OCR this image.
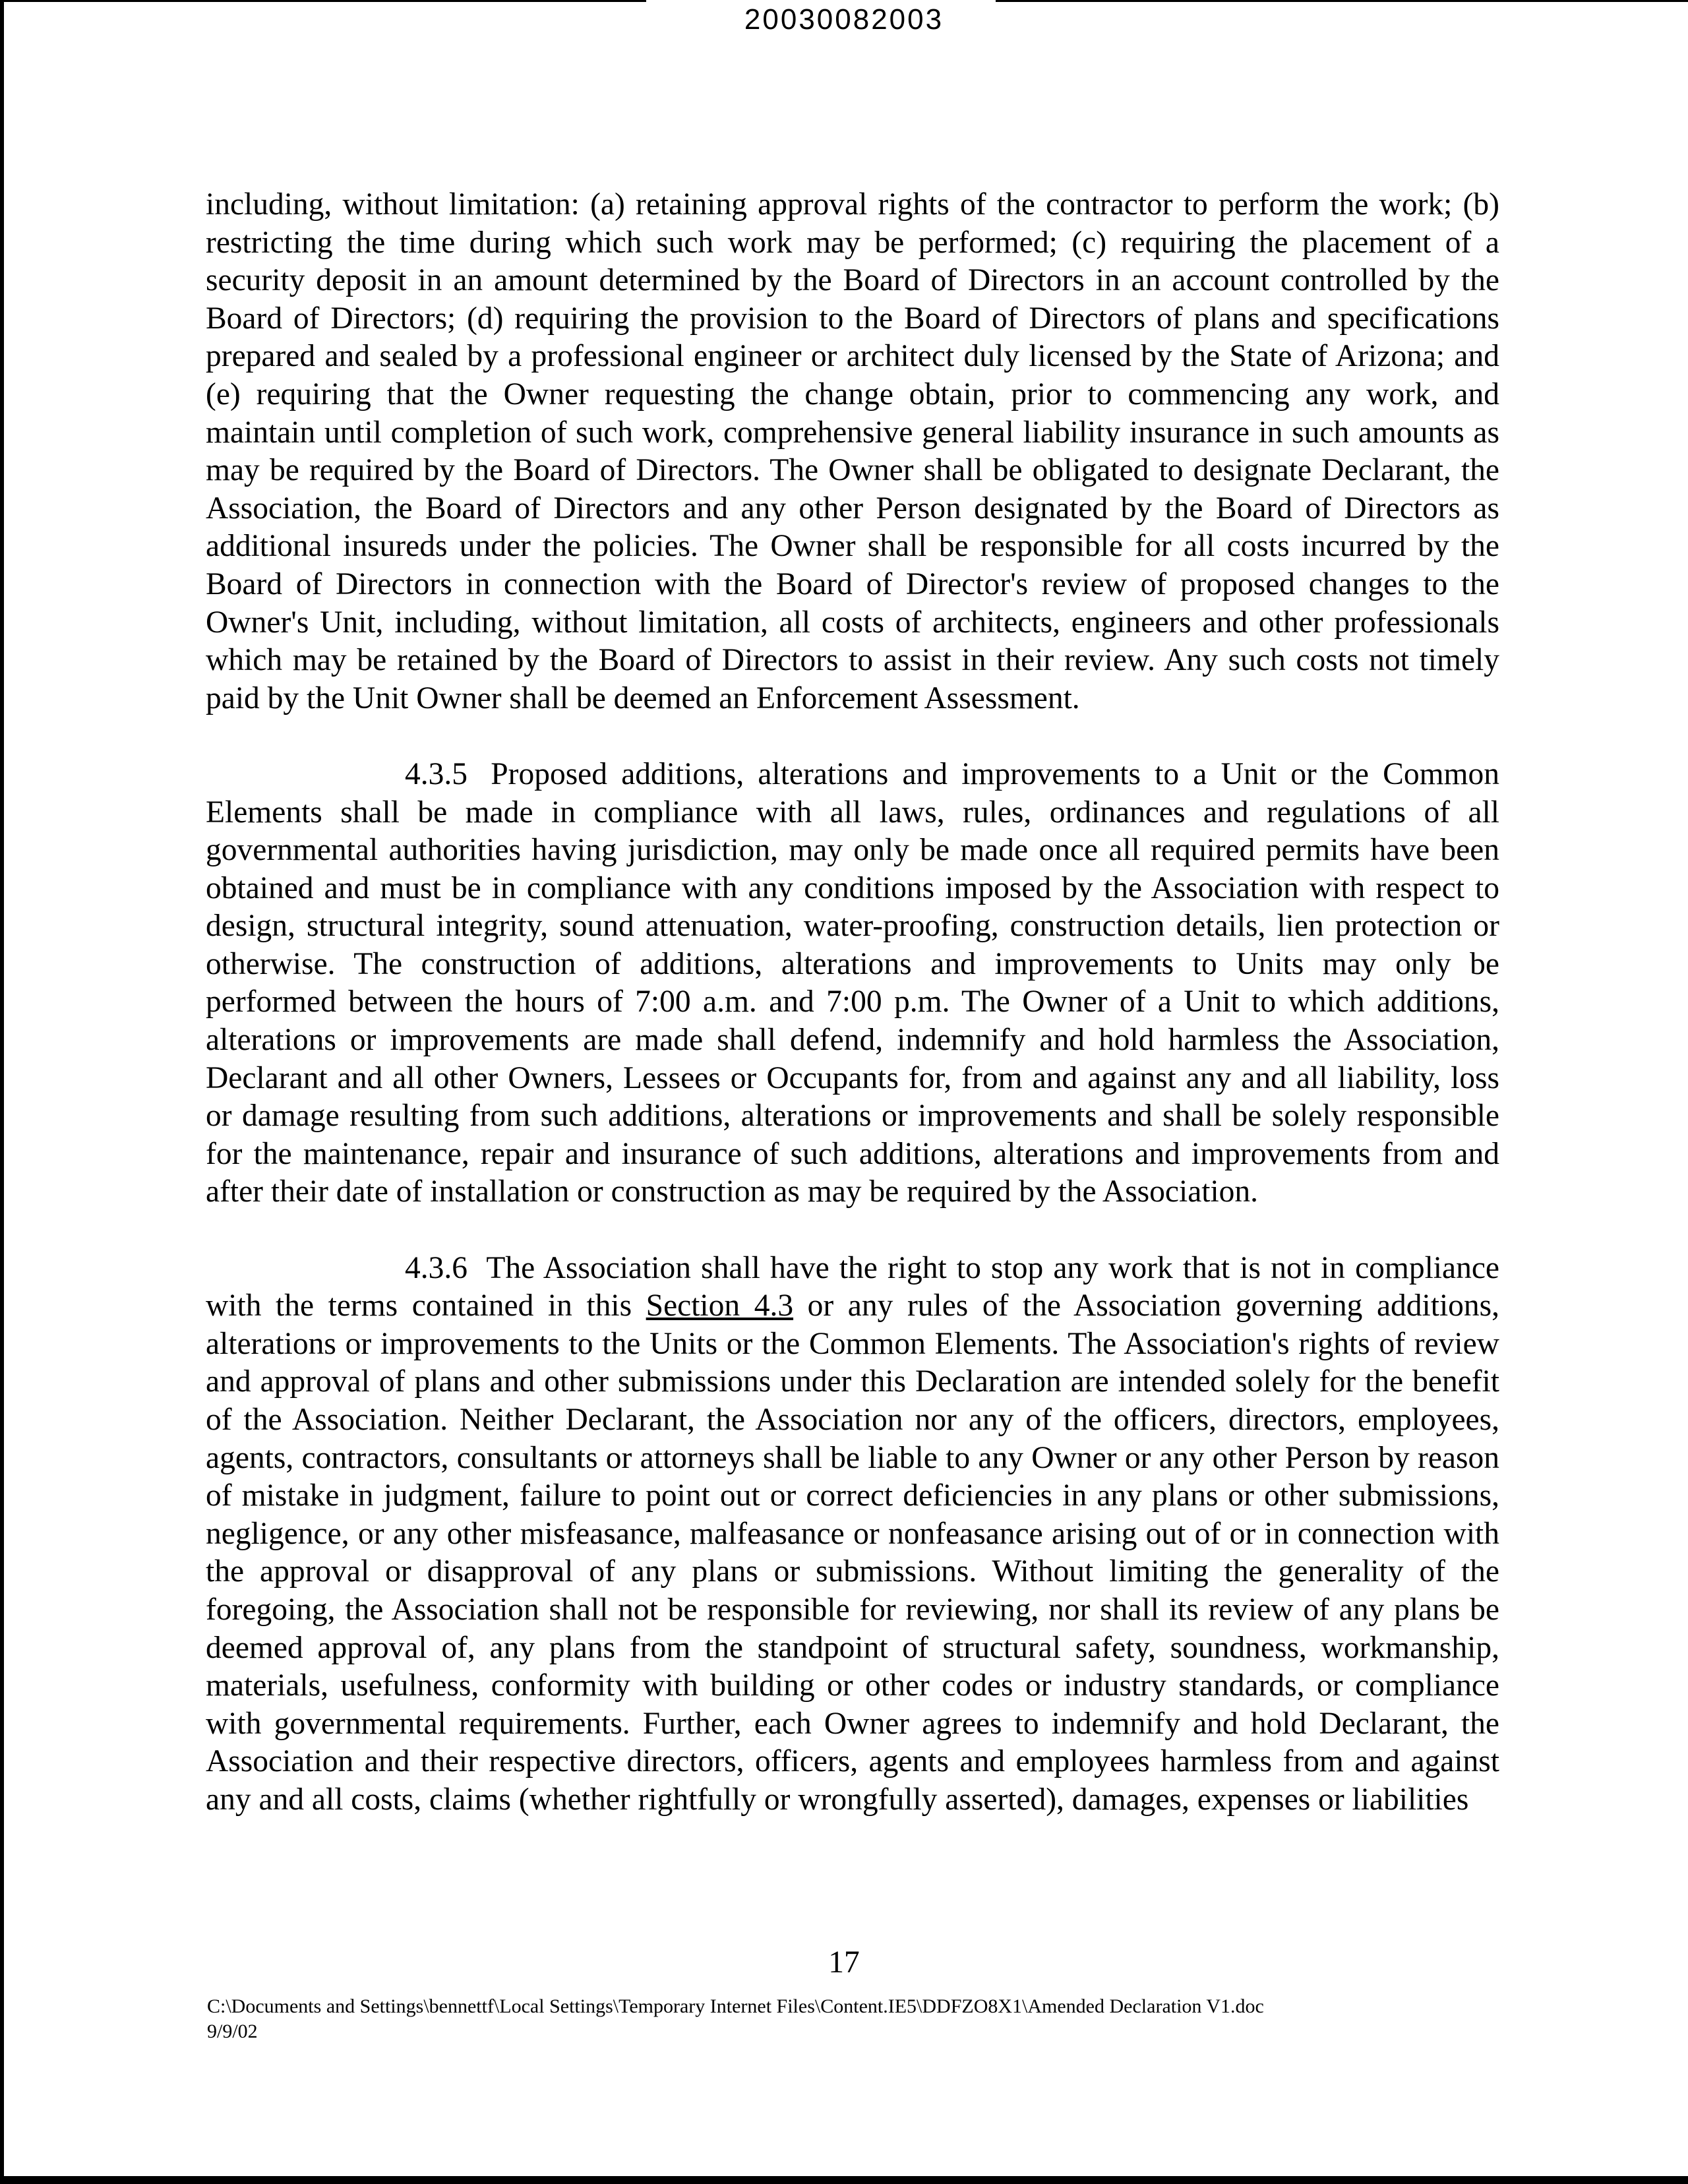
20030082003

including, without limitation: (a) retaining approval rights of the contractor to perform the work; (b) restricting the time during which such work may be performed; (c) requiring the placement of a security deposit in an amount determined by the Board of Directors in an account controlled by the Board of Directors; (d) requiring the provision to the Board of Directors of plans and specifications prepared and sealed by a professional engineer or architect duly licensed by the State of Arizona; and (e) requiring that the Owner requesting the change obtain, prior to commencing any work, and maintain until completion of such work, comprehensive general liability insurance in such amounts as may be required by the Board of Directors. The Owner shall be obligated to designate Declarant, the Association, the Board of Directors and any other Person designated by the Board of Directors as additional insureds under the policies. The Owner shall be responsible for all costs incurred by the Board of Directors in connection with the Board of Director's review of proposed changes to the Owner's Unit, including, without limitation, all costs of architects, engineers and other professionals which may be retained by the Board of Directors to assist in their review. Any such costs not timely paid by the Unit Owner shall be deemed an Enforcement Assessment.

4.3.5 Proposed additions, alterations and improvements to a Unit or the Common Elements shall be made in compliance with all laws, rules, ordinances and regulations of all governmental authorities having jurisdiction, may only be made once all required permits have been obtained and must be in compliance with any conditions imposed by the Association with respect to design, structural integrity, sound attenuation, water-proofing, construction details, lien protection or otherwise. The construction of additions, alterations and improvements to Units may only be performed between the hours of 7:00 a.m. and 7:00 p.m. The Owner of a Unit to which additions, alterations or improvements are made shall defend, indemnify and hold harmless the Association, Declarant and all other Owners, Lessees or Occupants for, from and against any and all liability, loss or damage resulting from such additions, alterations or improvements and shall be solely responsible for the maintenance, repair and insurance of such additions, alterations and improvements from and after their date of installation or construction as may be required by the Association.

4.3.6 The Association shall have the right to stop any work that is not in compliance with the terms contained in this Section 4.3 or any rules of the Association governing additions, alterations or improvements to the Units or the Common Elements. The Association's rights of review and approval of plans and other submissions under this Declaration are intended solely for the benefit of the Association. Neither Declarant, the Association nor any of the officers, directors, employees, agents, contractors, consultants or attorneys shall be liable to any Owner or any other Person by reason of mistake in judgment, failure to point out or correct deficiencies in any plans or other submissions, negligence, or any other misfeasance, malfeasance or nonfeasance arising out of or in connection with the approval or disapproval of any plans or submissions. Without limiting the generality of the foregoing, the Association shall not be responsible for reviewing, nor shall its review of any plans be deemed approval of, any plans from the standpoint of structural safety, soundness, workmanship, materials, usefulness, conformity with building or other codes or industry standards, or compliance with governmental requirements. Further, each Owner agrees to indemnify and hold Declarant, the Association and their respective directors, officers, agents and employees harmless from and against any and all costs, claims (whether rightfully or wrongfully asserted), damages, expenses or liabilities

17
C:\Documents and Settings\bennettf\Local Settings\Temporary Internet Files\Content.IE5\DDFZO8X1\Amended Declaration V1.doc
9/9/02
